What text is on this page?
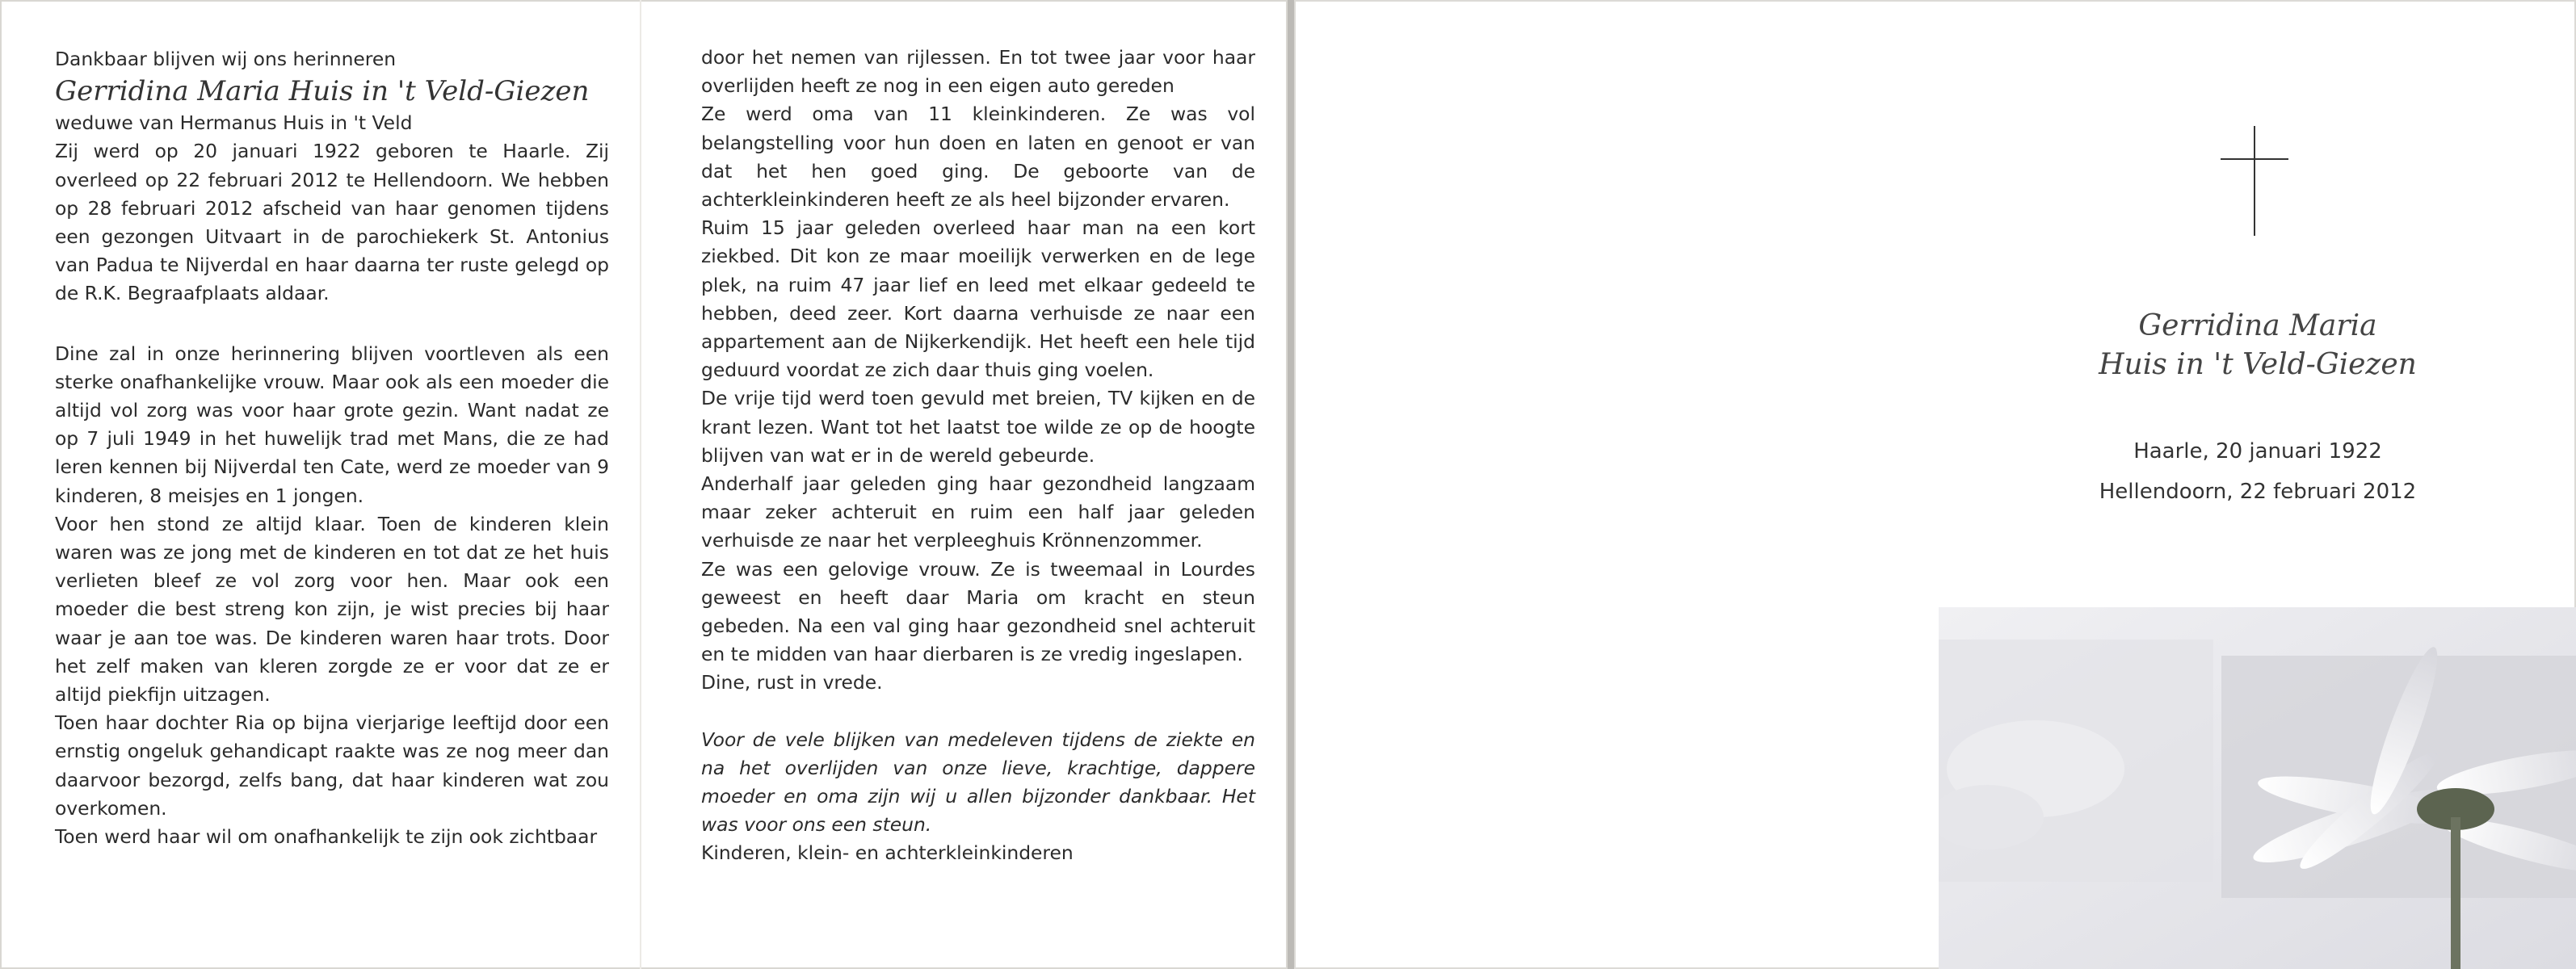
Dankbaar blijven wij ons herinneren

Gerridina Maria Huis in 't Veld-Giezen

weduwe van Hermanus Huis in 't Veld

Zij werd op 20 januari 1922 geboren te Haarle. Zij overleed op 22 februari 2012 te Hellendoorn. We hebben op 28 februari 2012 afscheid van haar genomen tijdens een gezongen Uitvaart in de parochiekerk St. Antonius van Padua te Nijverdal en haar daarna ter ruste gelegd op de R.K. Begraafplaats aldaar.

Dine zal in onze herinnering blijven voortleven als een sterke onafhankelijke vrouw. Maar ook als een moeder die altijd vol zorg was voor haar grote gezin. Want nadat ze op 7 juli 1949 in het huwelijk trad met Mans, die ze had leren kennen bij Nijverdal ten Cate, werd ze moeder van 9 kinderen, 8 meisjes en 1 jongen.

Voor hen stond ze altijd klaar. Toen de kinderen klein waren was ze jong met de kinderen en tot dat ze het huis verlieten bleef ze vol zorg voor hen. Maar ook een moeder die best streng kon zijn, je wist precies bij haar waar je aan toe was. De kinderen waren haar trots. Door het zelf maken van kleren zorgde ze er voor dat ze er altijd piekfijn uitzagen.

Toen haar dochter Ria op bijna vierjarige leeftijd door een ernstig ongeluk gehandicapt raakte was ze nog meer dan daarvoor bezorgd, zelfs bang, dat haar kinderen wat zou overkomen.

Toen werd haar wil om onafhankelijk te zijn ook zichtbaar

door het nemen van rijlessen. En tot twee jaar voor haar overlijden heeft ze nog in een eigen auto gereden

Ze werd oma van 11 kleinkinderen. Ze was vol belangstelling voor hun doen en laten en genoot er van dat het hen goed ging. De geboorte van de achterkleinkinderen heeft ze als heel bijzonder ervaren.

Ruim 15 jaar geleden overleed haar man na een kort ziekbed. Dit kon ze maar moeilijk verwerken en de lege plek, na ruim 47 jaar lief en leed met elkaar gedeeld te hebben, deed zeer. Kort daarna verhuisde ze naar een appartement aan de Nijkerkendijk. Het heeft een hele tijd geduurd voordat ze zich daar thuis ging voelen.

De vrije tijd werd toen gevuld met breien, TV kijken en de krant lezen. Want tot het laatst toe wilde ze op de hoogte blijven van wat er in de wereld gebeurde.

Anderhalf jaar geleden ging haar gezondheid langzaam maar zeker achteruit en ruim een half jaar geleden verhuisde ze naar het verpleeghuis Krönnenzommer.

Ze was een gelovige vrouw. Ze is tweemaal in Lourdes geweest en heeft daar Maria om kracht en steun gebeden. Na een val ging haar gezondheid snel achteruit en te midden van haar dierbaren is ze vredig ingeslapen.

Dine, rust in vrede.

Voor de vele blijken van medeleven tijdens de ziekte en na het overlijden van onze lieve, krachtige, dappere moeder en oma zijn wij u allen bijzonder dankbaar. Het was voor ons een steun.

Kinderen, klein- en achterkleinkinderen

Gerridina Maria
Huis in 't Veld-Giezen
Haarle, 20 januari 1922
Hellendoorn, 22 februari 2012
